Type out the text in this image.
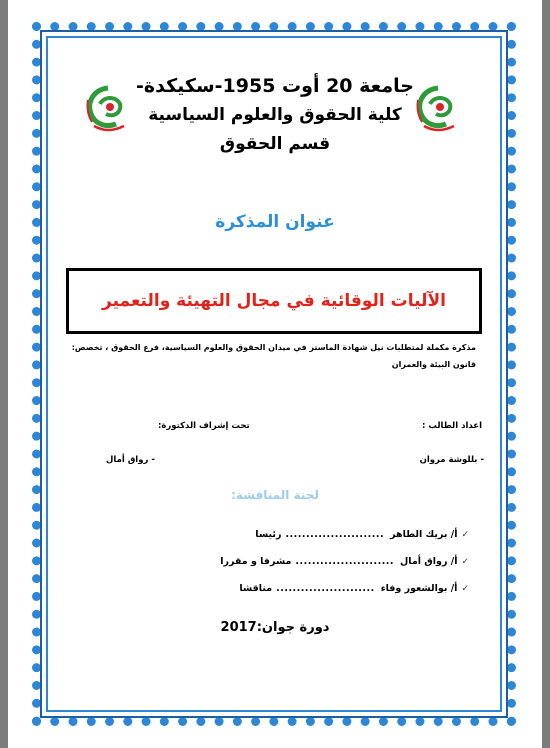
جامعة 20 أوت 1955-سكيكدة-
كلية الحقوق والعلوم السياسية
قسم الحقوق
عنوان المذكرة
الآليات الوقائية في مجال التهيئة والتعمير
مذكرة مكملة لمتطلبات نيل شهادة الماستر في ميدان الحقوق والعلوم السياسية، فرع الحقوق ، تخصص: قانون البيئة والعمران
اعداد الطالب :
تحت إشراف الدكتورة:
- بللوشة مروان
- رواق أمال
لجنة المناقشة:
✓
أ/ بريك الطاهر
........................
رئيسا
✓
أ/ رواق أمال
........................
مشرفا و مقررا
✓
أ/ بوالشعور وفاء
........................
مناقشا
دورة جوان:2017
